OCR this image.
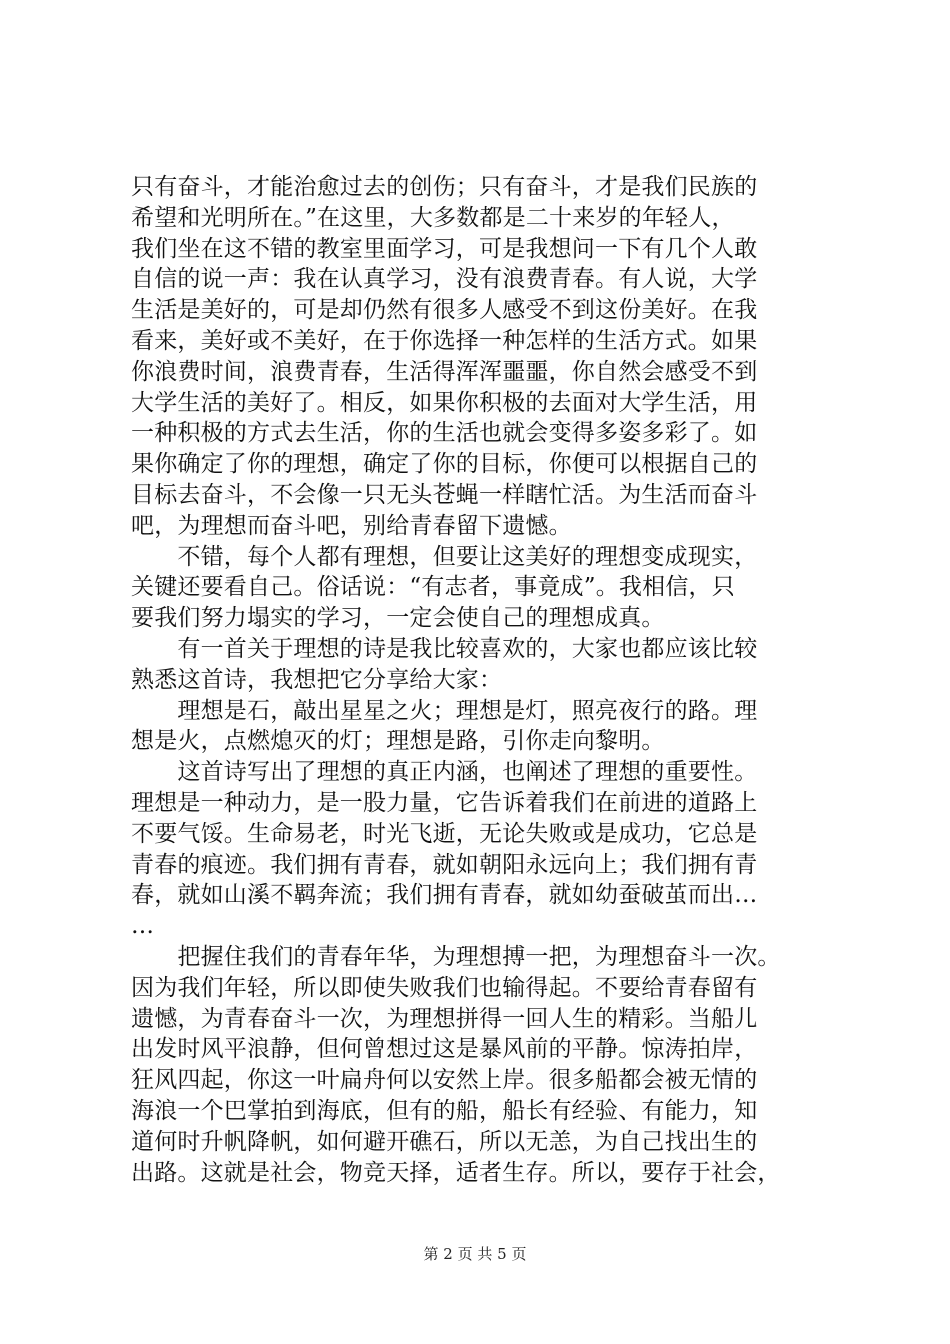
只有奋斗，才能治愈过去的创伤；只有奋斗，才是我们民族的
希望和光明所在。”在这里，大多数都是二十来岁的年轻人，
我们坐在这不错的教室里面学习，可是我想问一下有几个人敢
自信的说一声：我在认真学习，没有浪费青春。有人说，大学
生活是美好的，可是却仍然有很多人感受不到这份美好。在我
看来，美好或不美好，在于你选择一种怎样的生活方式。如果
你浪费时间，浪费青春，生活得浑浑噩噩，你自然会感受不到
大学生活的美好了。相反，如果你积极的去面对大学生活，用
一种积极的方式去生活，你的生活也就会变得多姿多彩了。如
果你确定了你的理想，确定了你的目标，你便可以根据自己的
目标去奋斗，不会像一只无头苍蝇一样瞎忙活。为生活而奋斗
吧，为理想而奋斗吧，别给青春留下遗憾。
　　不错，每个人都有理想，但要让这美好的理想变成现实，
关键还要看自己。俗话说：“有志者，事竟成”。我相信，只
要我们努力塌实的学习，一定会使自己的理想成真。
　　有一首关于理想的诗是我比较喜欢的，大家也都应该比较
熟悉这首诗，我想把它分享给大家：
　　理想是石，敲出星星之火；理想是灯，照亮夜行的路。理
想是火，点燃熄灭的灯；理想是路，引你走向黎明。
　　这首诗写出了理想的真正内涵，也阐述了理想的重要性。
理想是一种动力，是一股力量，它告诉着我们在前进的道路上
不要气馁。生命易老，时光飞逝，无论失败或是成功，它总是
青春的痕迹。我们拥有青春，就如朝阳永远向上；我们拥有青
春，就如山溪不羁奔流；我们拥有青春，就如幼蚕破茧而出…
…
　　把握住我们的青春年华，为理想搏一把，为理想奋斗一次。
因为我们年轻，所以即使失败我们也输得起。不要给青春留有
遗憾，为青春奋斗一次，为理想拼得一回人生的精彩。当船儿
出发时风平浪静，但何曾想过这是暴风前的平静。惊涛拍岸，
狂风四起，你这一叶扁舟何以安然上岸。很多船都会被无情的
海浪一个巴掌拍到海底，但有的船，船长有经验、有能力，知
道何时升帆降帆，如何避开礁石，所以无恙，为自己找出生的
出路。这就是社会，物竞天择，适者生存。所以，要存于社会，
第 2 页 共 5 页
